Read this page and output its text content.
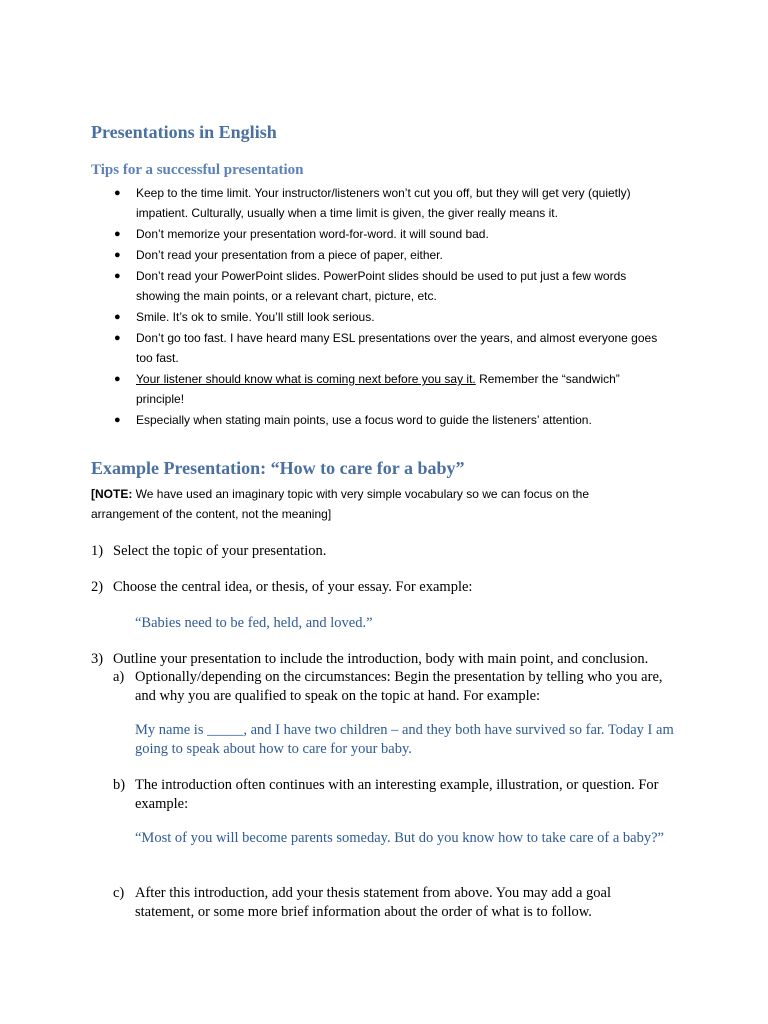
Presentations in English
Tips for a successful presentation
● Keep to the time limit. Your instructor/listeners won’t cut you off, but they will get very (quietly) impatient. Culturally, usually when a time limit is given, the giver really means it.
● Don’t memorize your presentation word-for-word. it will sound bad.
● Don’t read your presentation from a piece of paper, either.
● Don’t read your PowerPoint slides. PowerPoint slides should be used to put just a few words showing the main points, or a relevant chart, picture, etc.
● Smile. It’s ok to smile. You’ll still look serious.
● Don’t go too fast. I have heard many ESL presentations over the years, and almost everyone goes too fast.
● Your listener should know what is coming next before you say it. Remember the “sandwich” principle!
● Especially when stating main points, use a focus word to guide the listeners’ attention.
Example Presentation: “How to care for a baby”
[NOTE: We have used an imaginary topic with very simple vocabulary so we can focus on the arrangement of the content, not the meaning]
1) Select the topic of your presentation.
2) Choose the central idea, or thesis, of your essay. For example:
“Babies need to be fed, held, and loved.”
3) Outline your presentation to include the introduction, body with main point, and conclusion.
a) Optionally/depending on the circumstances: Begin the presentation by telling who you are, and why you are qualified to speak on the topic at hand. For example:
My name is _____, and I have two children – and they both have survived so far. Today I am going to speak about how to care for your baby.
b) The introduction often continues with an interesting example, illustration, or question. For example:
“Most of you will become parents someday. But do you know how to take care of a baby?”
c) After this introduction, add your thesis statement from above. You may add a goal statement, or some more brief information about the order of what is to follow.
